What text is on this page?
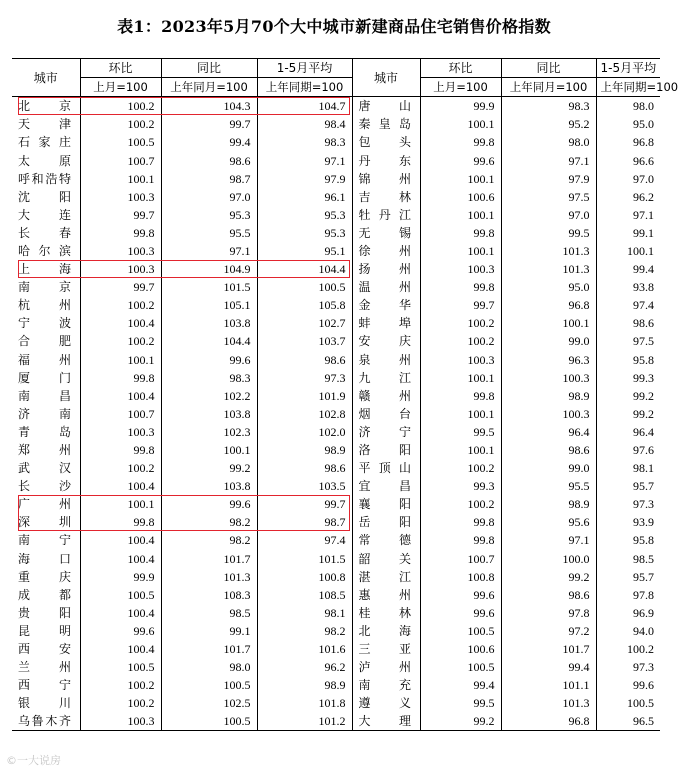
表1：2023年5月70个大中城市新建商品住宅销售价格指数
城市	环比	同比	1-5月平均	城市	环比	同比	1-5月平均
	上月=100	上年同月=100	上年同期=100		上月=100	上年同月=100	上年同期=100
北 京	100.2	104.3	104.7	唐 山	99.9	98.3	98.0
天 津	100.2	99.7	98.4	秦皇岛	100.1	95.2	95.0
石家庄	100.5	99.4	98.3	包 头	99.8	98.0	96.8
太 原	100.7	98.6	97.1	丹 东	99.6	97.1	96.6
呼和浩特	100.1	98.7	97.9	锦 州	100.1	97.9	97.0
沈 阳	100.3	97.0	96.1	吉 林	100.6	97.5	96.2
大 连	99.7	95.3	95.3	牡丹江	100.1	97.0	97.1
长 春	99.8	95.5	95.3	无 锡	99.8	99.5	99.1
哈尔滨	100.3	97.1	95.1	徐 州	100.1	101.3	100.1
上 海	100.3	104.9	104.4	扬 州	100.3	101.3	99.4
南 京	99.7	101.5	100.5	温 州	99.8	95.0	93.8
杭 州	100.2	105.1	105.8	金 华	99.7	96.8	97.4
宁 波	100.4	103.8	102.7	蚌 埠	100.2	100.1	98.6
合 肥	100.2	104.4	103.7	安 庆	100.2	99.0	97.5
福 州	100.1	99.6	98.6	泉 州	100.3	96.3	95.8
厦 门	99.8	98.3	97.3	九 江	100.1	100.3	99.3
南 昌	100.4	102.2	101.9	赣 州	99.8	98.9	99.2
济 南	100.7	103.8	102.8	烟 台	100.1	100.3	99.2
青 岛	100.3	102.3	102.0	济 宁	99.5	96.4	96.4
郑 州	99.8	100.1	98.9	洛 阳	100.1	98.6	97.6
武 汉	100.2	99.2	98.6	平顶山	100.2	99.0	98.1
长 沙	100.4	103.8	103.5	宜 昌	99.3	95.5	95.7
广 州	100.1	99.6	99.7	襄 阳	100.2	98.9	97.3
深 圳	99.8	98.2	98.7	岳 阳	99.8	95.6	93.9
南 宁	100.4	98.2	97.4	常 德	99.8	97.1	95.8
海 口	100.4	101.7	101.5	韶 关	100.7	100.0	98.5
重 庆	99.9	101.3	100.8	湛 江	100.8	99.2	95.7
成 都	100.5	108.3	108.5	惠 州	99.6	98.6	97.8
贵 阳	100.4	98.5	98.1	桂 林	99.6	97.8	96.9
昆 明	99.6	99.1	98.2	北 海	100.5	97.2	94.0
西 安	100.4	101.7	101.6	三 亚	100.6	101.7	100.2
兰 州	100.5	98.0	96.2	泸 州	100.5	99.4	97.3
西 宁	100.2	100.5	98.9	南 充	99.4	101.1	99.6
银 川	100.2	102.5	101.8	遵 义	99.5	101.3	100.5
乌鲁木齐	100.3	100.5	101.2	大 理	99.2	96.8	96.5
©一大说房
